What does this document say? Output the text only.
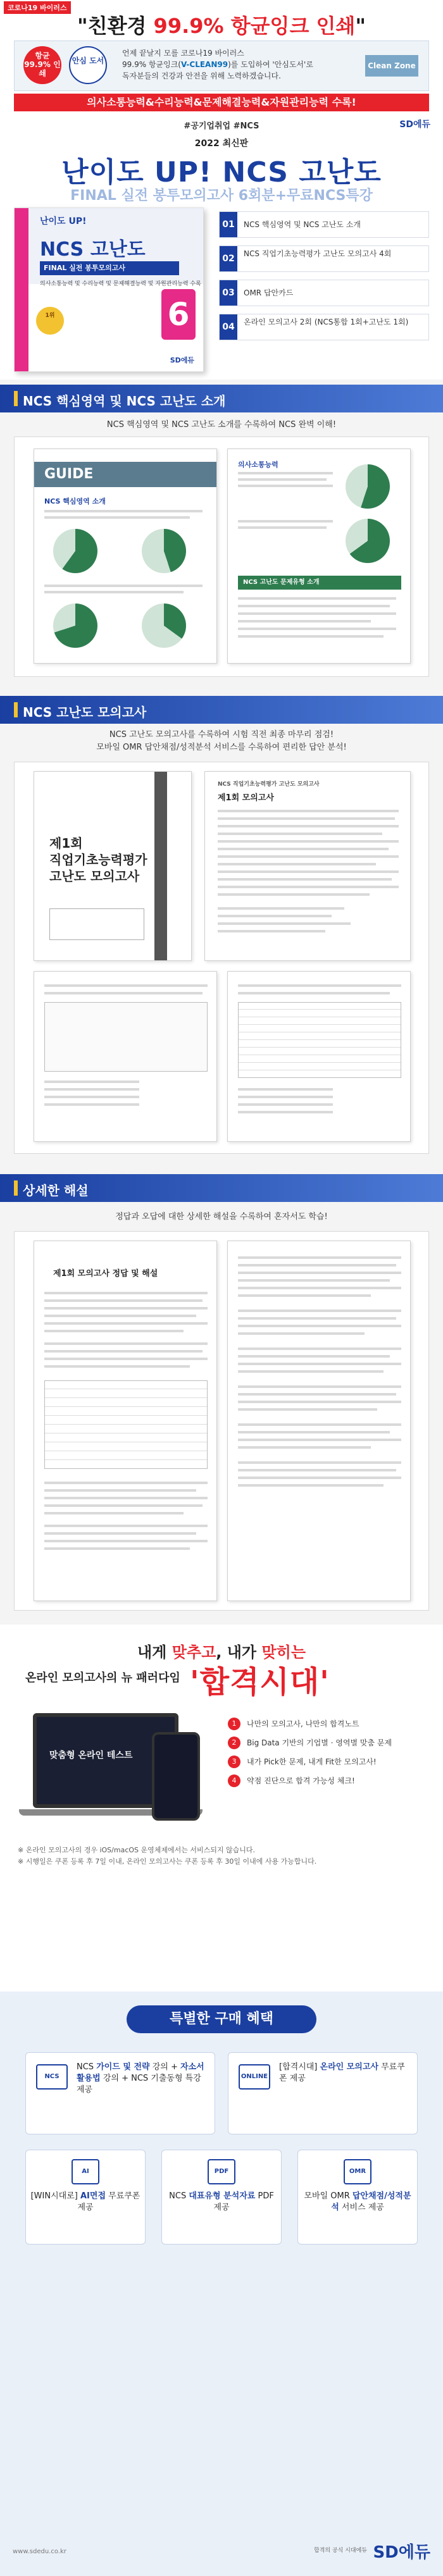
코로나19 바이러스
"친환경 99.9% 항균잉크 인쇄"
항균 99.9% 인쇄
안심 도서
언제 끝날지 모를 코로나19 바이러스
99.9% 항균잉크(V-CLEAN99)를 도입하여 '안심도서'로
독자분들의 건강과 안전을 위해 노력하겠습니다.
Clean Zone
의사소통능력&수리능력&문제해결능력&자원관리능력 수록!
#공기업취업 #NCS	SD에듀
2022 최신판
난이도 UP! NCS 고난도
FINAL 실전 봉투모의고사 6회분+무료NCS특강
난이도 UP!
NCS 고난도
FINAL 실전 봉투모의고사
의사소통능력 및 수리능력 및 문제해결능력 및 자원관리능력 수록
6
1위
SD에듀
01	NCS 핵심영역 및 NCS 고난도 소개
02	NCS 직업기초능력평가 고난도 모의고사 4회
03	OMR 답안카드
04	온라인 모의고사 2회 (NCS통합 1회+고난도 1회)
NCS 핵심영역 및 NCS 고난도 소개
NCS 핵심영역 및 NCS 고난도 소개를 수록하여 NCS 완벽 이해!
GUIDE
NCS 핵심영역 소개
의사소통능력
NCS 고난도 문제유형 소개
NCS 고난도 모의고사
NCS 고난도 모의고사를 수록하여 시험 직전 최종 마무리 점검!
모바일 OMR 답안채점/성적분석 서비스를 수록하여 편리한 답안 분석!
제1회
직업기초능력평가
고난도 모의고사
NCS 직업기초능력평가 고난도 모의고사
제1회 모의고사
상세한 해설
정답과 오답에 대한 상세한 해설을 수록하여 혼자서도 학습!
제1회 모의고사 정답 및 해설
내게 맞추고, 내가 맞히는
온라인 모의고사의 뉴 패러다임 '합격시대'
맞춤형 온라인 테스트
1	나만의 모의고사, 나만의 합격노트
2	Big Data 기반의 기업별 · 영역별 맞춤 문제
3	내가 Pick한 문제, 내게 Fit한 모의고사!
4	약점 진단으로 합격 가능성 체크!
※ 온라인 모의고사의 경우 iOS/macOS 운영체제에서는 서비스되지 않습니다.
※ 시행일은 쿠폰 등록 후 7일 이내, 온라인 모의고사는 쿠폰 등록 후 30일 이내에 사용 가능합니다.
특별한 구매 혜택
NCS
NCS 가이드 및 전략 강의 + 자소서 활용법 강의 + NCS 기출동형 특강 제공
ONLINE
[합격시대] 온라인 모의고사 무료쿠폰 제공
AI
[WIN시대로] AI면접 무료쿠폰 제공
PDF
NCS 대표유형 분석자료 PDF 제공
OMR
모바일 OMR 답안채점/성적분석 서비스 제공
www.sdedu.co.kr	합격의 공식 시대에듀 SD에듀
